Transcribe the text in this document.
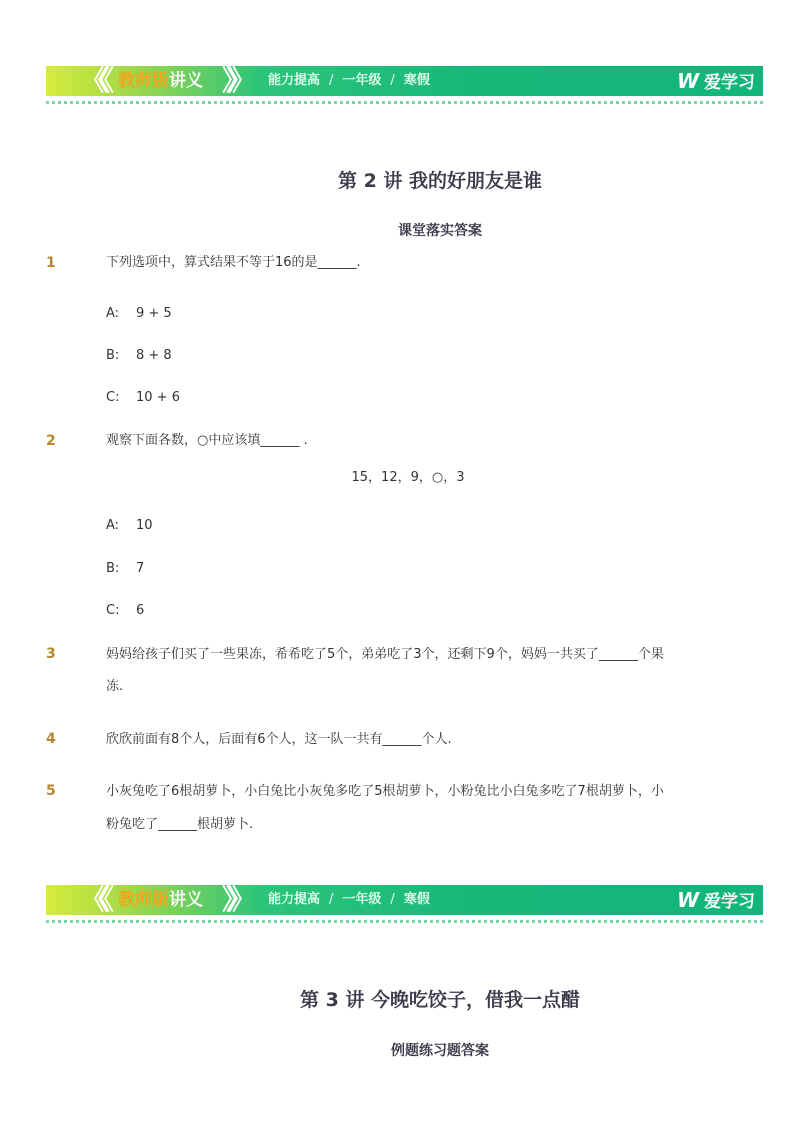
《《 教师版讲义 》》 能力提高 / 一年级 / 寒假	W 爱学习
第 2 讲 我的好朋友是谁
课堂落实答案
1	下列选项中，算式结果不等于16的是______.
A: 9 + 5
B: 8 + 8
C: 10 + 6
2	观察下面各数，○中应该填______ .
15，12，9，○，3
A: 10
B: 7
C: 6
3	妈妈给孩子们买了一些果冻，希希吃了5个，弟弟吃了3个，还剩下9个，妈妈一共买了______个果
冻.
4	欣欣前面有8个人，后面有6个人，这一队一共有______个人.
5	小灰兔吃了6根胡萝卜，小白兔比小灰兔多吃了5根胡萝卜，小粉兔比小白兔多吃了7根胡萝卜，小
粉兔吃了______根胡萝卜.
《《 教师版讲义 》》 能力提高 / 一年级 / 寒假	W 爱学习
第 3 讲 今晚吃饺子，借我一点醋
例题练习题答案
